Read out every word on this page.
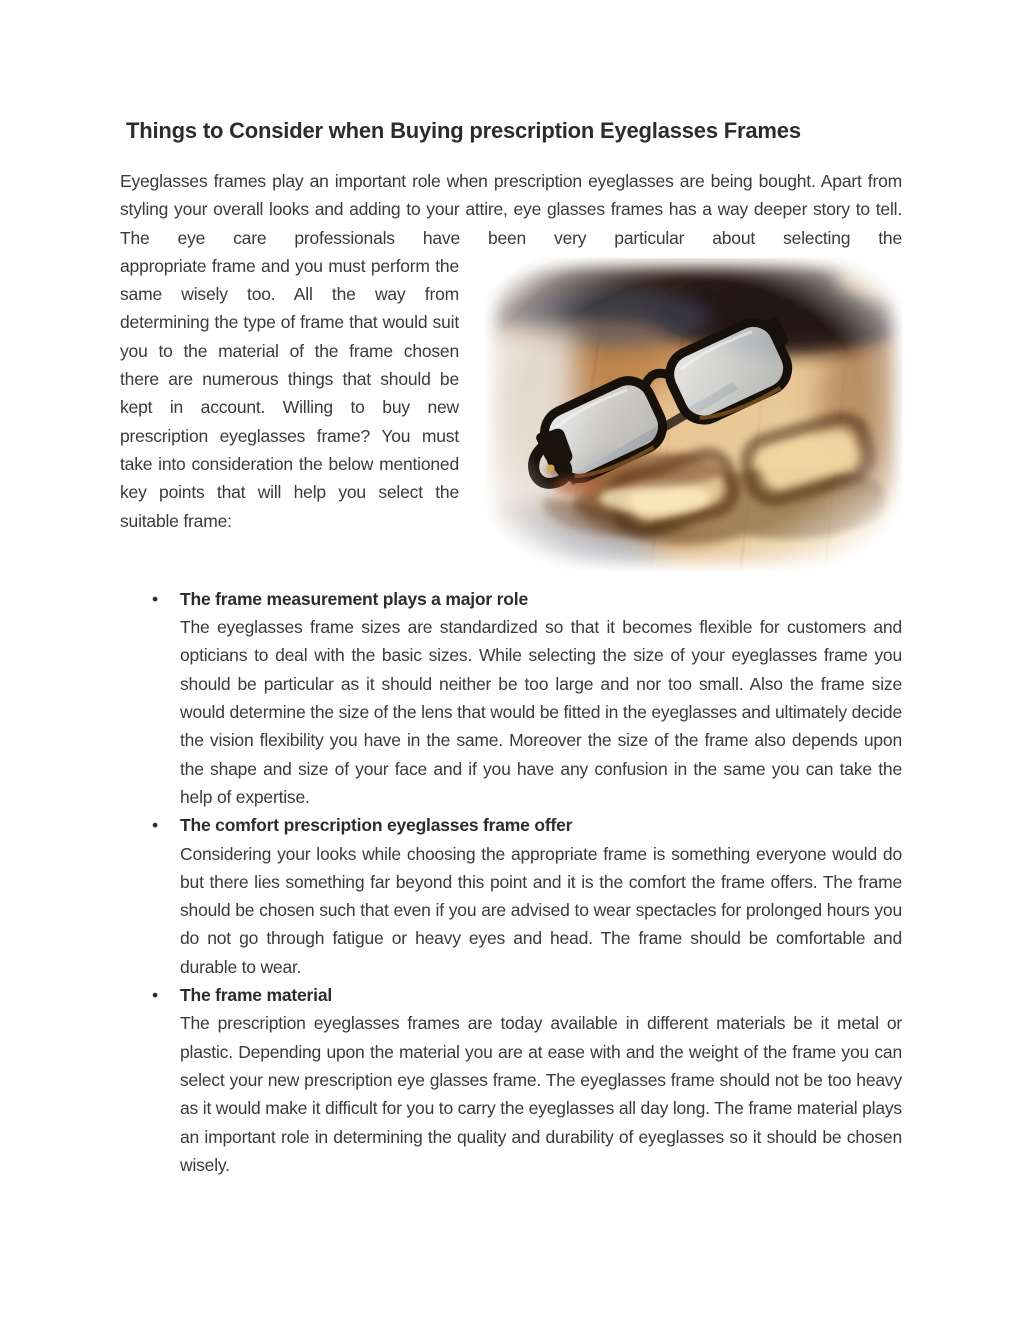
Things to Consider when Buying prescription Eyeglasses Frames

Eyeglasses frames play an important role when prescription eyeglasses are being bought. Apart from styling your overall looks and adding to your attire, eye glasses frames has a way deeper story to tell. The eye care professionals have been very particular about selecting the

appropriate frame and you must perform the same wisely too. All the way from determining the type of frame that would suit you to the material of the frame chosen there are numerous things that should be kept in account. Willing to buy new prescription eyeglasses frame? You must take into consideration the below mentioned key points that will help you select the suitable frame:

• The frame measurement plays a major role
The eyeglasses frame sizes are standardized so that it becomes flexible for customers and opticians to deal with the basic sizes. While selecting the size of your eyeglasses frame you should be particular as it should neither be too large and nor too small. Also the frame size would determine the size of the lens that would be fitted in the eyeglasses and ultimately decide the vision flexibility you have in the same. Moreover the size of the frame also depends upon the shape and size of your face and if you have any confusion in the same you can take the help of expertise.
• The comfort prescription eyeglasses frame offer
Considering your looks while choosing the appropriate frame is something everyone would do but there lies something far beyond this point and it is the comfort the frame offers. The frame should be chosen such that even if you are advised to wear spectacles for prolonged hours you do not go through fatigue or heavy eyes and head. The frame should be comfortable and durable to wear.
• The frame material
The prescription eyeglasses frames are today available in different materials be it metal or plastic. Depending upon the material you are at ease with and the weight of the frame you can select your new prescription eye glasses frame. The eyeglasses frame should not be too heavy as it would make it difficult for you to carry the eyeglasses all day long. The frame material plays an important role in determining the quality and durability of eyeglasses so it should be chosen wisely.
